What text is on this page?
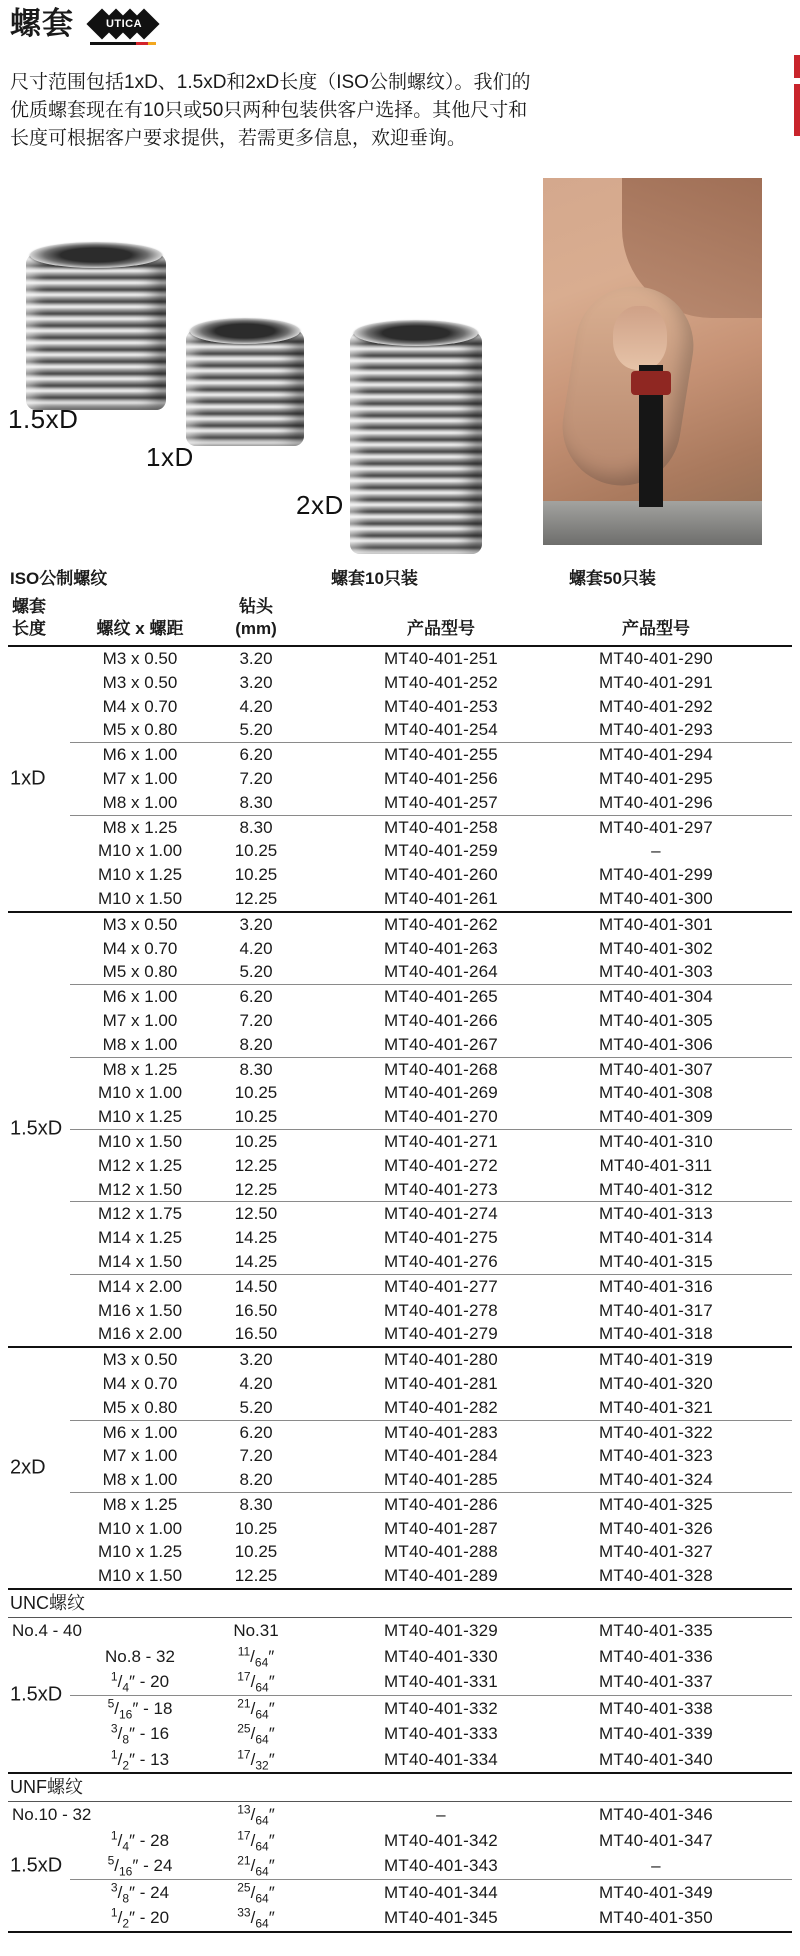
螺套	UTICA

尺寸范围包括1xD、1.5xD和2xD长度（ISO公制螺纹）。我们的
优质螺套现在有10只或50只两种包装供客户选择。其他尺寸和
长度可根据客户要求提供，若需更多信息，欢迎垂询。

1.5xD
1xD
2xD
ISO公制螺纹	螺套10只装	螺套50只装
螺套
长度	螺纹 x 螺距
钻头
(mm)	产品型号	产品型号
1xD
M3 x 0.50	3.20	MT40-401-251	MT40-401-290
M3 x 0.50	3.20	MT40-401-252	MT40-401-291
M4 x 0.70	4.20	MT40-401-253	MT40-401-292
M5 x 0.80	5.20	MT40-401-254	MT40-401-293
M6 x 1.00	6.20	MT40-401-255	MT40-401-294
M7 x 1.00	7.20	MT40-401-256	MT40-401-295
M8 x 1.00	8.30	MT40-401-257	MT40-401-296
M8 x 1.25	8.30	MT40-401-258	MT40-401-297
M10 x 1.00	10.25	MT40-401-259	–
M10 x 1.25	10.25	MT40-401-260	MT40-401-299
M10 x 1.50	12.25	MT40-401-261	MT40-401-300
1.5xD
M3 x 0.50	3.20	MT40-401-262	MT40-401-301
M4 x 0.70	4.20	MT40-401-263	MT40-401-302
M5 x 0.80	5.20	MT40-401-264	MT40-401-303
M6 x 1.00	6.20	MT40-401-265	MT40-401-304
M7 x 1.00	7.20	MT40-401-266	MT40-401-305
M8 x 1.00	8.20	MT40-401-267	MT40-401-306
M8 x 1.25	8.30	MT40-401-268	MT40-401-307
M10 x 1.00	10.25	MT40-401-269	MT40-401-308
M10 x 1.25	10.25	MT40-401-270	MT40-401-309
M10 x 1.50	10.25	MT40-401-271	MT40-401-310
M12 x 1.25	12.25	MT40-401-272	MT40-401-311
M12 x 1.50	12.25	MT40-401-273	MT40-401-312
M12 x 1.75	12.50	MT40-401-274	MT40-401-313
M14 x 1.25	14.25	MT40-401-275	MT40-401-314
M14 x 1.50	14.25	MT40-401-276	MT40-401-315
M14 x 2.00	14.50	MT40-401-277	MT40-401-316
M16 x 1.50	16.50	MT40-401-278	MT40-401-317
M16 x 2.00	16.50	MT40-401-279	MT40-401-318
2xD
M3 x 0.50	3.20	MT40-401-280	MT40-401-319
M4 x 0.70	4.20	MT40-401-281	MT40-401-320
M5 x 0.80	5.20	MT40-401-282	MT40-401-321
M6 x 1.00	6.20	MT40-401-283	MT40-401-322
M7 x 1.00	7.20	MT40-401-284	MT40-401-323
M8 x 1.00	8.20	MT40-401-285	MT40-401-324
M8 x 1.25	8.30	MT40-401-286	MT40-401-325
M10 x 1.00	10.25	MT40-401-287	MT40-401-326
M10 x 1.25	10.25	MT40-401-288	MT40-401-327
M10 x 1.50	12.25	MT40-401-289	MT40-401-328
UNC螺纹
1.5xD
No.4 - 40	No.31	MT40-401-329	MT40-401-335
No.8 - 32	$^{11}/_{64}''$	MT40-401-330	MT40-401-336
$^1/_4'' - 20$	$^{17}/_{64}''$	MT40-401-331	MT40-401-337
$^5/_{16}'' - 18$	$^{21}/_{64}''$	MT40-401-332	MT40-401-338
$^3/_8'' - 16$	$^{25}/_{64}''$	MT40-401-333	MT40-401-339
$^1/_2'' - 13$	$^{17}/_{32}''$	MT40-401-334	MT40-401-340
UNF螺纹
1.5xD
No.10 - 32	$^{13}/_{64}''$	–	MT40-401-346
$^1/_4'' - 28$	$^{17}/_{64}''$	MT40-401-342	MT40-401-347
$^5/_{16}'' - 24$	$^{21}/_{64}''$	MT40-401-343	–
$^3/_8'' - 24$	$^{25}/_{64}''$	MT40-401-344	MT40-401-349
$^1/_2'' - 20$	$^{33}/_{64}''$	MT40-401-345	MT40-401-350
